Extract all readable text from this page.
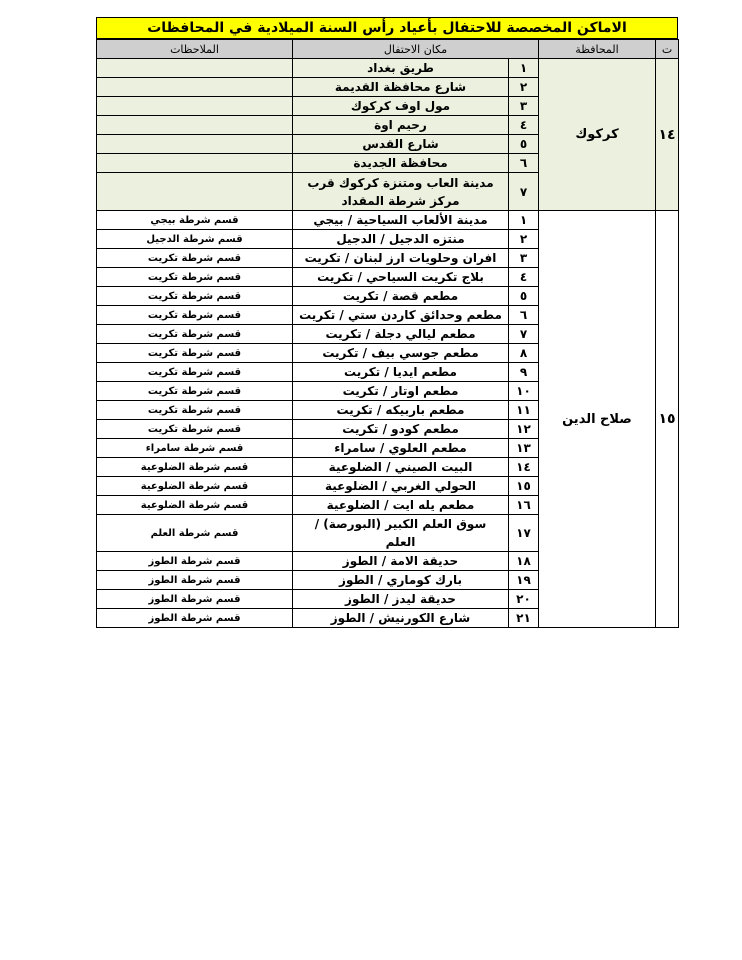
الاماكن المخصصة للاحتفال بأعياد رأس السنة الميلادية في المحافظات
ت	المحافظة	مكان الاحتفال		الملاحظات
١٤	كركوك	١	طريق بغداد	
		٢	شارع محافظة القديمة	
		٣	مول اوف كركوك	
		٤	رحيم اوة	
		٥	شارع القدس	
		٦	محافظة الجديدة	
		٧	مدينة العاب ومتنزة كركوك قرب مركز شرطة المقداد	
١٥	صلاح الدين	١	مدينة الألعاب السياحية / بيجي	قسم شرطة بيجي
		٢	منتزه الدجيل / الدجيل	قسم شرطة الدجيل
		٣	افران وحلويات ارز لبنان / تكريت	قسم شرطة تكريت
		٤	بلاج تكريت السياحي / تكريت	قسم شرطة تكريت
		٥	مطعم قصة / تكريت	قسم شرطة تكريت
		٦	مطعم وحدائق كاردن ستي / تكريت	قسم شرطة تكريت
		٧	مطعم ليالي دجلة / تكريت	قسم شرطة تكريت
		٨	مطعم جوسي بيف / تكريت	قسم شرطة تكريت
		٩	مطعم ايديا / تكريت	قسم شرطة تكريت
		١٠	مطعم اوتار / تكريت	قسم شرطة تكريت
		١١	مطعم باربيكه / تكريت	قسم شرطة تكريت
		١٢	مطعم كودو / تكريت	قسم شرطة تكريت
		١٣	مطعم العلوي / سامراء	قسم شرطة سامراء
		١٤	البيت الصيني / الضلوعية	قسم شرطة الضلوعية
		١٥	الحولي الغربي / الضلوعية	قسم شرطة الضلوعية
		١٦	مطعم يله ايت / الضلوعية	قسم شرطة الضلوعية
		١٧	سوق العلم الكبير (البورصة) / العلم	قسم شرطة العلم
		١٨	حديقة الامة / الطوز	قسم شرطة الطوز
		١٩	بارك كوماري / الطوز	قسم شرطة الطوز
		٢٠	حديقة ليدز / الطوز	قسم شرطة الطوز
		٢١	شارع الكورنيش / الطوز	قسم شرطة الطوز
